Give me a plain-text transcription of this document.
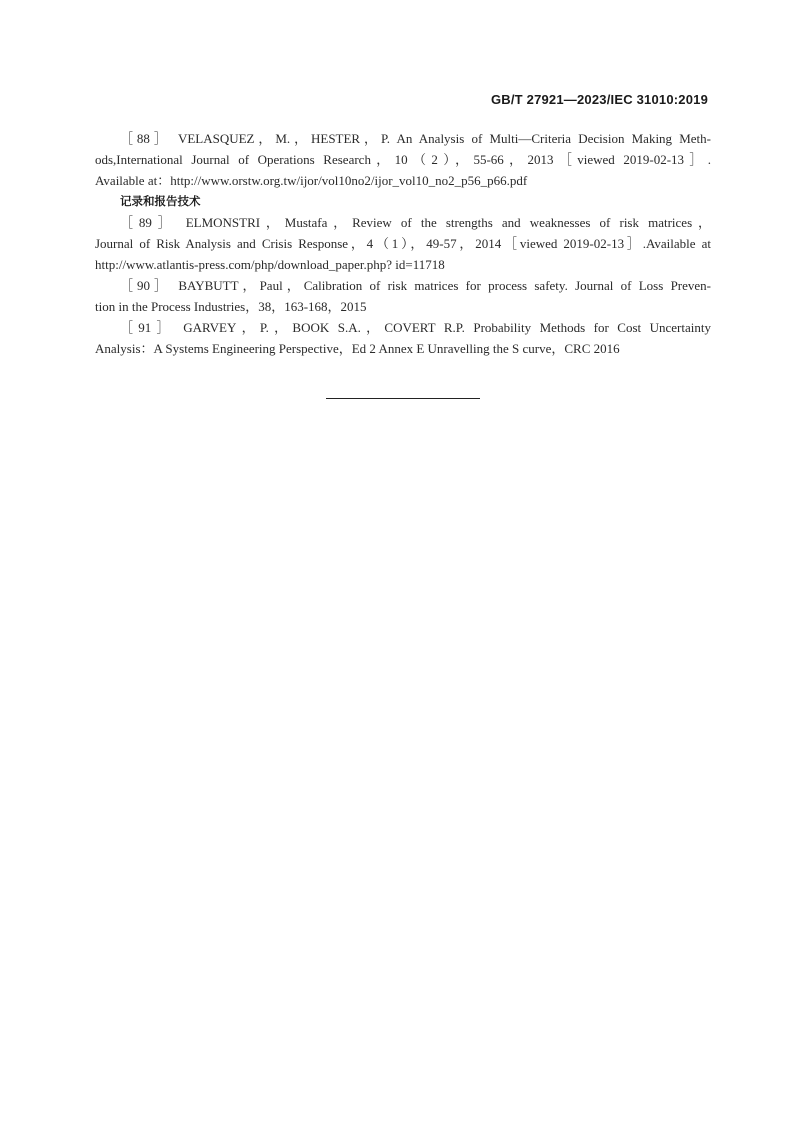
GB/T 27921—2023/IEC 31010:2019
［88］ VELASQUEZ，M.，HESTER，P. An Analysis of Multi—Criteria Decision Making Meth-
ods,International Journal of Operations Research，10（2），55-66，2013［viewed 2019-02-13］.
Available at：http://www.orstw.org.tw/ijor/vol10no2/ijor_vol10_no2_p56_p66.pdf
记录和报告技术
［89］ ELMONSTRI，Mustafa，Review of the strengths and weaknesses of risk matrices，
Journal of Risk Analysis and Crisis Response，4（1），49-57，2014［viewed 2019-02-13］.Available at
http://www.atlantis-press.com/php/download_paper.php? id=11718
［90］ BAYBUTT，Paul，Calibration of risk matrices for process safety. Journal of Loss Preven-
tion in the Process Industries，38，163-168，2015
［91］ GARVEY，P.，BOOK S.A.，COVERT R.P. Probability Methods for Cost Uncertainty
Analysis：A Systems Engineering Perspective，Ed 2 Annex E Unravelling the S curve，CRC 2016
